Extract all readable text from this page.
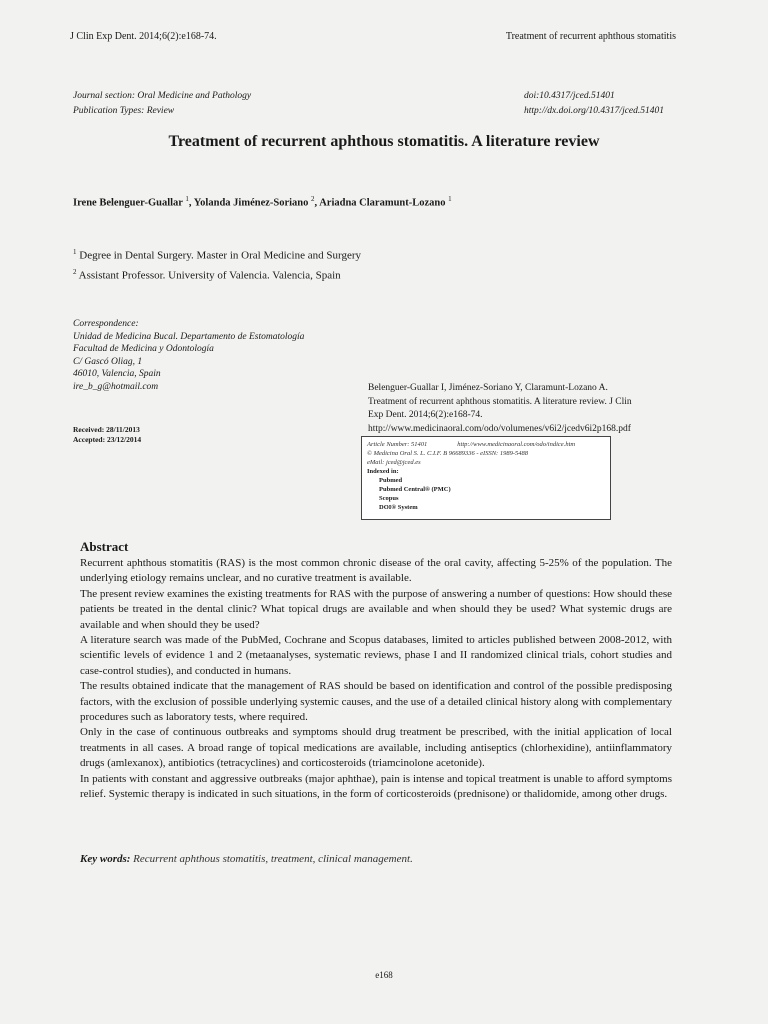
J Clin Exp Dent. 2014;6(2):e168-74.	Treatment of recurrent aphthous stomatitis
Journal section: Oral Medicine and Pathology
Publication Types: Review
doi:10.4317/jced.51401
http://dx.doi.org/10.4317/jced.51401
Treatment of recurrent aphthous stomatitis. A literature review
Irene Belenguer-Guallar $^1$, Yolanda Jiménez-Soriano $^2$, Ariadna Claramunt-Lozano $^1$
$^1$ Degree in Dental Surgery. Master in Oral Medicine and Surgery
$^2$ Assistant Professor. University of Valencia. Valencia, Spain
Correspondence:
Unidad de Medicina Bucal. Departamento de Estomatología
Facultad de Medicina y Odontología
C/ Gascó Oliag, 1
46010, Valencia, Spain
ire_b_g@hotmail.com
Received: 28/11/2013
Accepted: 23/12/2014
Belenguer-Guallar I, Jiménez-Soriano Y, Claramunt-Lozano A.
Treatment of recurrent aphthous stomatitis. A literature review. J Clin
Exp Dent. 2014;6(2):e168-74.
http://www.medicinaoral.com/odo/volumenes/v6i2/jcedv6i2p168.pdf
Article Number: 51401	http://www.medicinaoral.com/odo/indice.htm
© Medicina Oral S. L. C.I.F. B 96689336 - eISSN: 1989-5488
eMail: jced@jced.es
Indexed in:
Pubmed
Pubmed Central® (PMC)
Scopus
DOI® System
Abstract

Recurrent aphthous stomatitis (RAS) is the most common chronic disease of the oral cavity, affecting 5-25% of the population. The underlying etiology remains unclear, and no curative treatment is available.

The present review examines the existing treatments for RAS with the purpose of answering a number of questions: How should these patients be treated in the dental clinic? What topical drugs are available and when should they be used? What systemic drugs are available and when should they be used?

A literature search was made of the PubMed, Cochrane and Scopus databases, limited to articles published between 2008-2012, with scientific levels of evidence 1 and 2 (metaanalyses, systematic reviews, phase I and II randomized clinical trials, cohort studies and case-control studies), and conducted in humans.

The results obtained indicate that the management of RAS should be based on identification and control of the possible predisposing factors, with the exclusion of possible underlying systemic causes, and the use of a detailed clinical history along with complementary procedures such as laboratory tests, where required.

Only in the case of continuous outbreaks and symptoms should drug treatment be prescribed, with the initial application of local treatments in all cases. A broad range of topical medications are available, including antiseptics (chlorhexidine), antiinflammatory drugs (amlexanox), antibiotics (tetracyclines) and corticosteroids (triamcinolone acetonide).

In patients with constant and aggressive outbreaks (major aphthae), pain is intense and topical treatment is unable to afford symptoms relief. Systemic therapy is indicated in such situations, in the form of corticosteroids (prednisone) or thalidomide, among other drugs.

Key words: Recurrent aphthous stomatitis, treatment, clinical management.
e168
